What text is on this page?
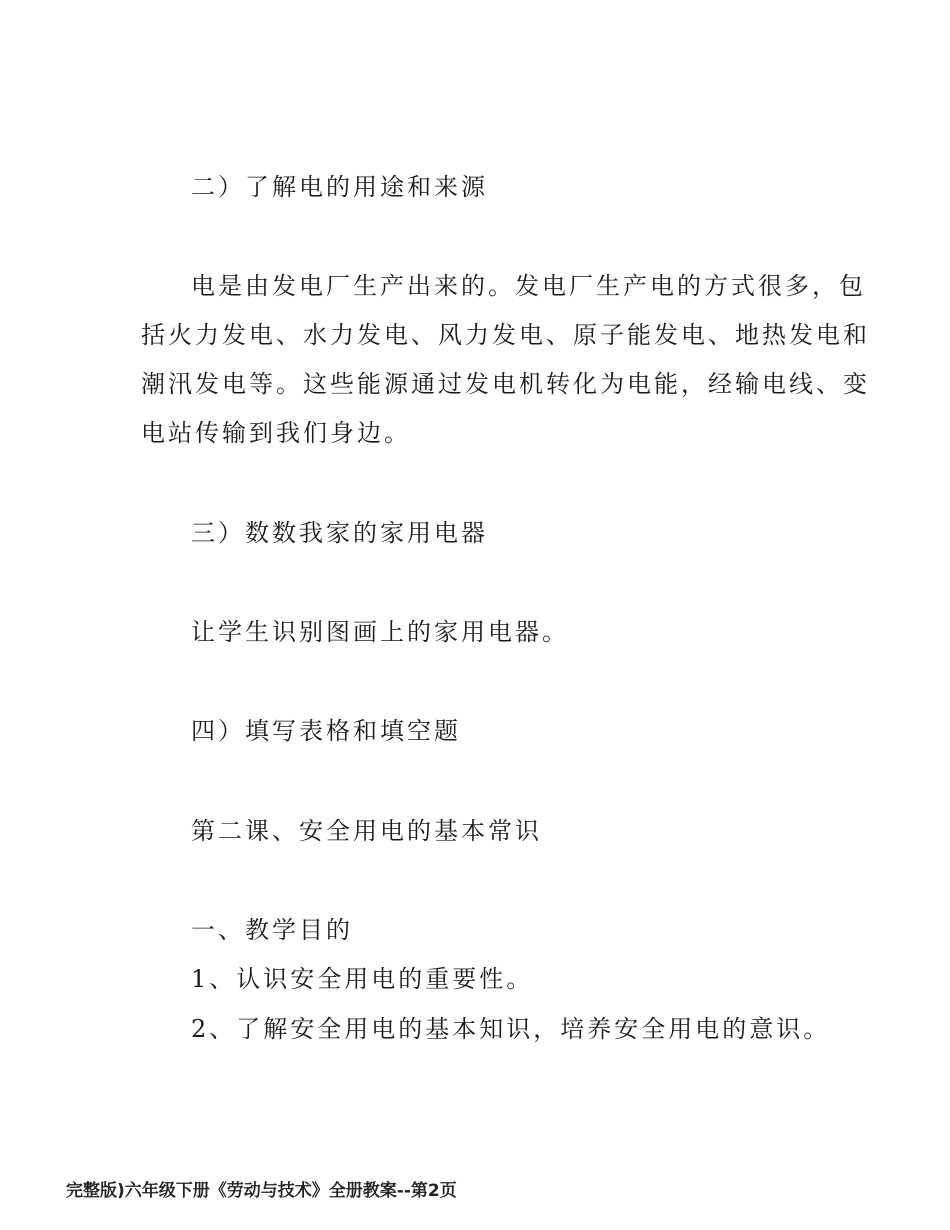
二）了解电的用途和来源
电是由发电厂生产出来的。发电厂生产电的方式很多，包
括火力发电、水力发电、风力发电、原子能发电、地热发电和
潮汛发电等。这些能源通过发电机转化为电能，经输电线、变
电站传输到我们身边。
三）数数我家的家用电器
让学生识别图画上的家用电器。
四）填写表格和填空题
第二课、安全用电的基本常识
一、教学目的
1、认识安全用电的重要性。
2、了解安全用电的基本知识，培养安全用电的意识。
完整版)六年级下册《劳动与技术》全册教案--第2页
